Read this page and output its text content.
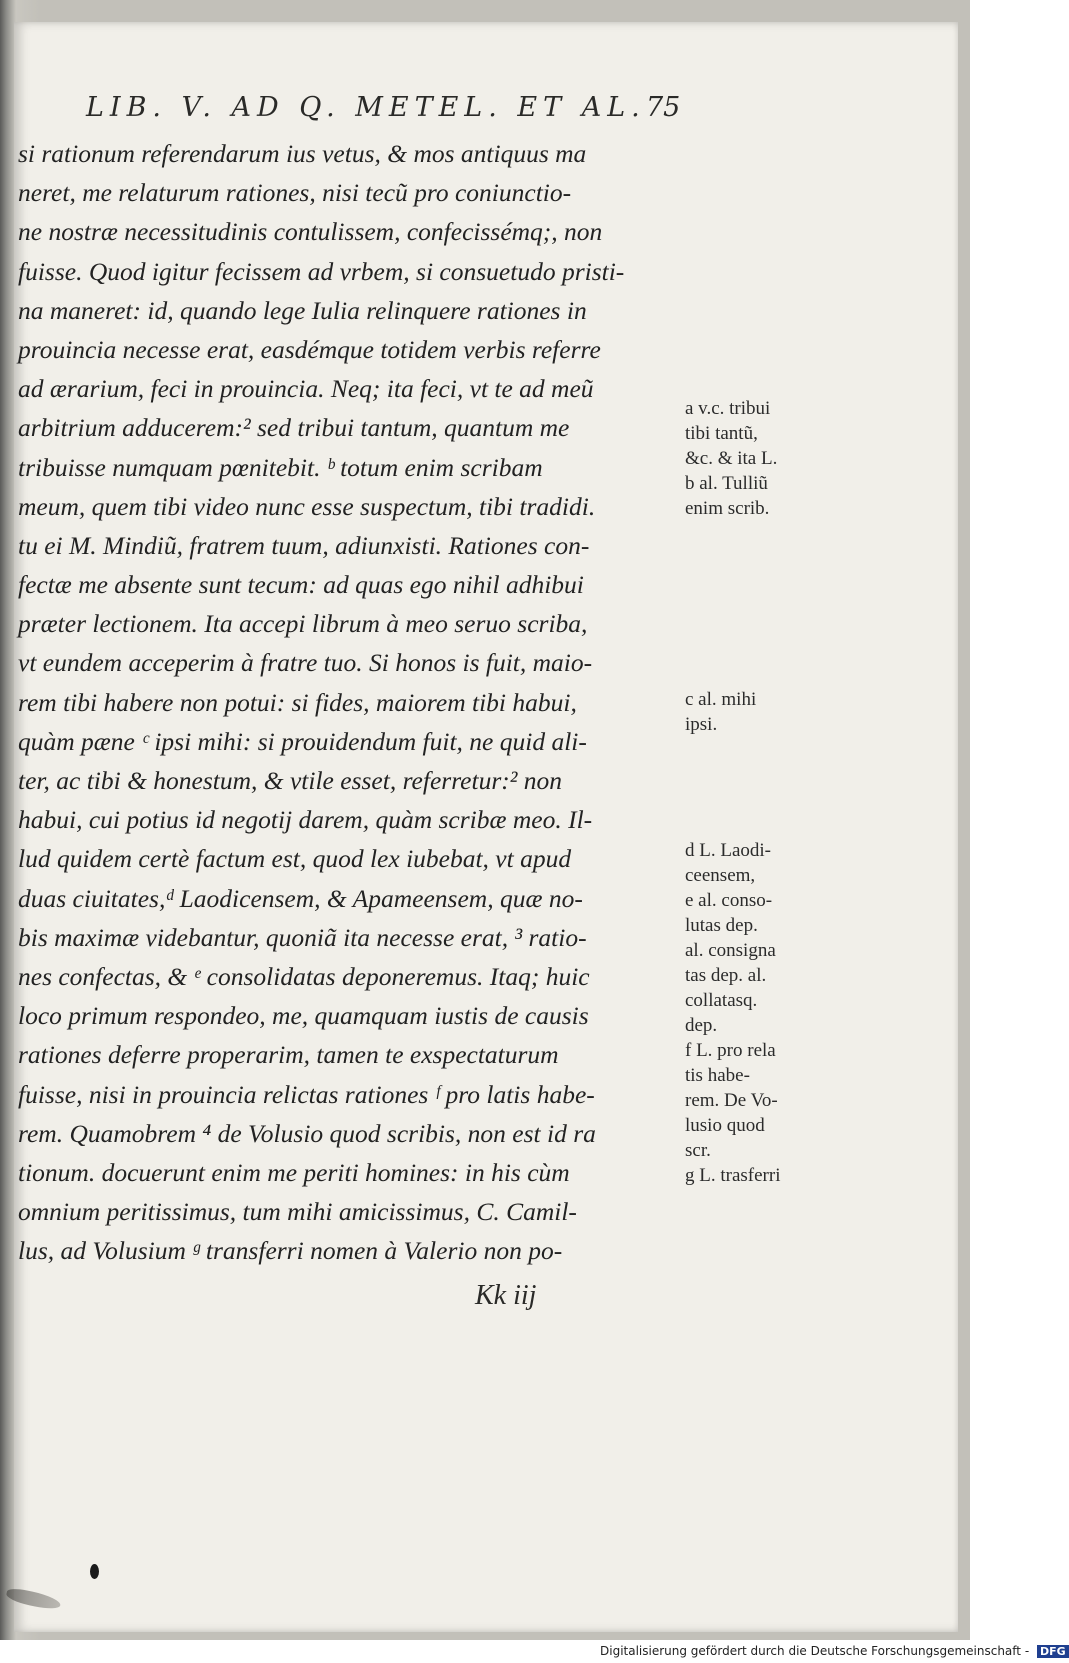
LIB. V. AD Q. METEL. ET AL. 75
si rationum referendarum ius vetus, & mos antiquus ma
neret, me relaturum rationes, nisi tecũ pro coniunctio-
ne nostræ necessitudinis contulissem, confecissémq;, non
fuisse. Quod igitur fecissem ad vrbem, si consuetudo pristi-
na maneret: id, quando lege Iulia relinquere rationes in
prouincia necesse erat, easdémque totidem verbis referre
ad ærarium, feci in prouincia. Neq; ita feci, vt te ad meũ
arbitrium adducerem:² sed tribui tantum, quantum me
tribuisse numquam pœnitebit. ᵇ totum enim scribam
meum, quem tibi video nunc esse suspectum, tibi tradidi.
tu ei M. Mindiũ, fratrem tuum, adiunxisti. Rationes con-
fectæ me absente sunt tecum: ad quas ego nihil adhibui
præter lectionem. Ita accepi librum à meo seruo scriba,
vt eundem acceperim à fratre tuo. Si honos is fuit, maio-
rem tibi habere non potui: si fides, maiorem tibi habui,
quàm pæne ᶜ ipsi mihi: si prouidendum fuit, ne quid ali-
ter, ac tibi & honestum, & vtile esset, referretur:² non
habui, cui potius id negotij darem, quàm scribæ meo. Il-
lud quidem certè factum est, quod lex iubebat, vt apud
duas ciuitates,ᵈ Laodicensem, & Apameensem, quæ no-
bis maximæ videbantur, quoniã ita necesse erat, ³ ratio-
nes confectas, & ᵉ consolidatas deponeremus. Itaq; huic
loco primum respondeo, me, quamquam iustis de causis
rationes deferre properarim, tamen te exspectaturum
fuisse, nisi in prouincia relictas rationes ᶠ pro latis habe-
rem. Quamobrem ⁴ de Volusio quod scribis, non est id ra
tionum. docuerunt enim me periti homines: in his cùm
omnium peritissimus, tum mihi amicissimus, C. Camil-
lus, ad Volusium ᵍ transferri nomen à Valerio non po-
a v.c. tribui
tibi tantũ,
&c. & ita L.
b al. Tulliũ
enim scrib.
c al. mihi
ipsi.
d L. Laodi-
ceensem,
e al. conso-
lutas dep.
al. consigna
tas dep. al.
collatasq.
dep.
f L. pro rela
tis habe-
rem. De Vo-
lusio quod
scr.
g L. trasferri
Kk iij
Digitalisierung gefördert durch die Deutsche Forschungsgemeinschaft - DFG
